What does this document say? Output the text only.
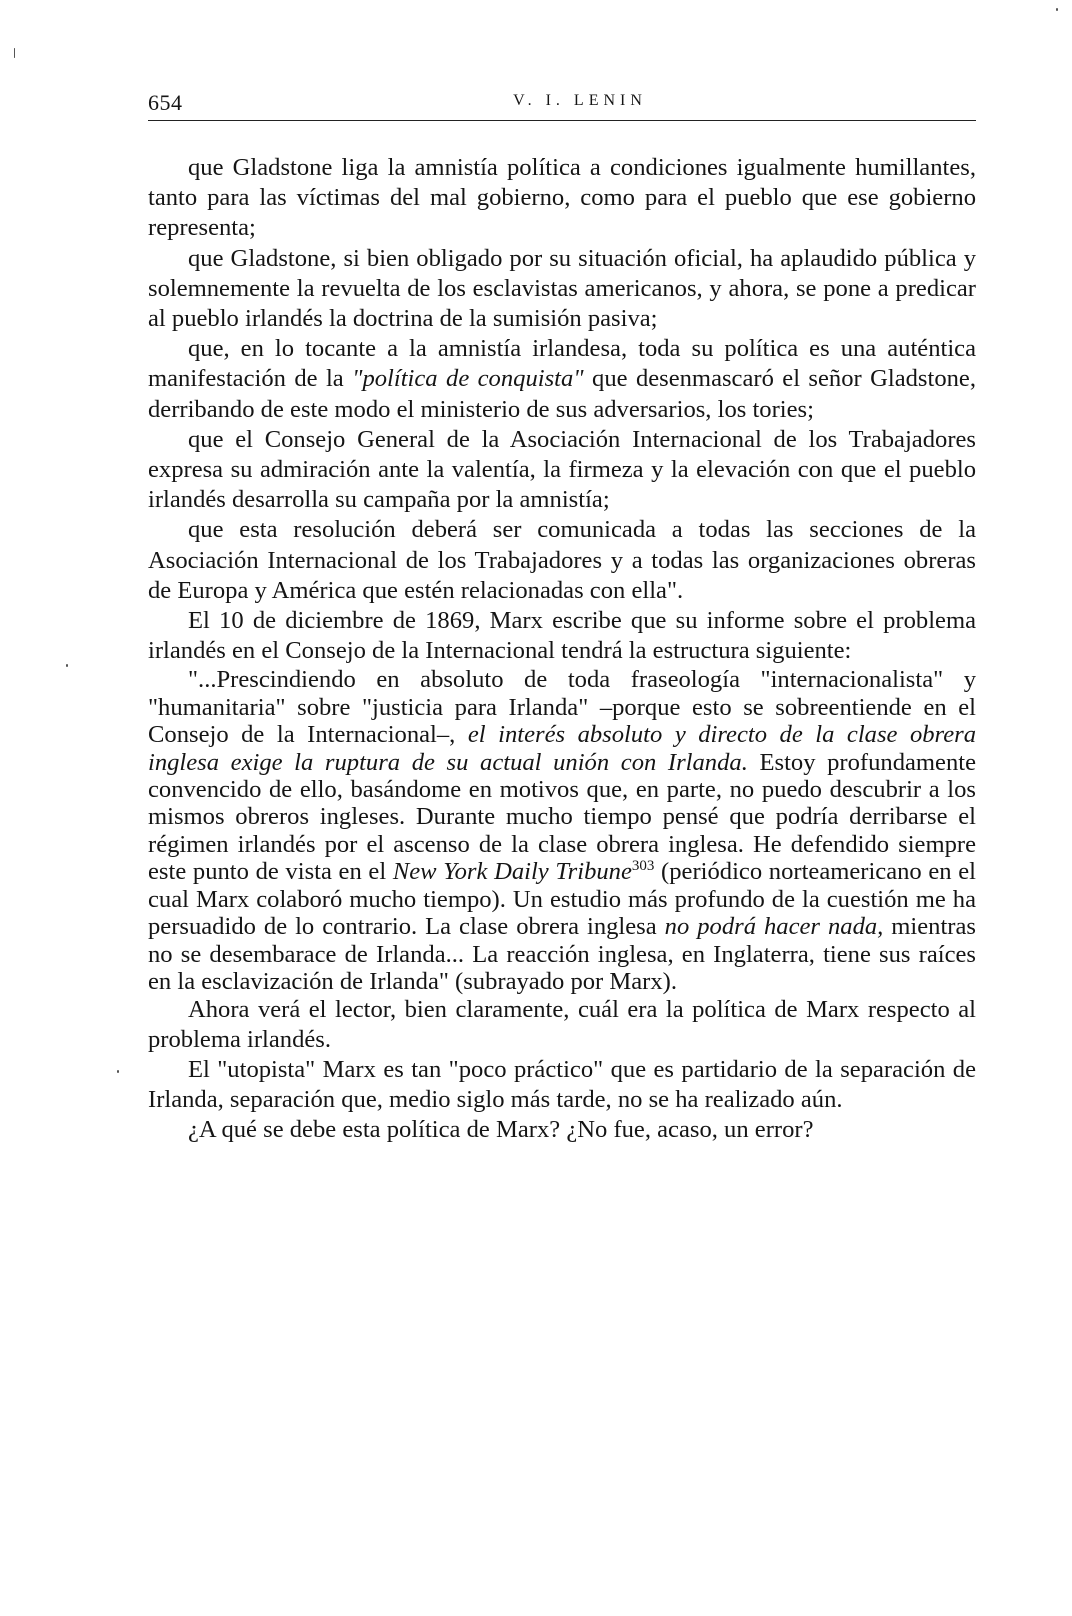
654	V. I. LENIN

que Gladstone liga la amnistía política a condiciones igualmente humillantes, tanto para las víctimas del mal gobierno, como para el pueblo que ese gobierno representa;

que Gladstone, si bien obligado por su situación oficial, ha aplaudido pública y solemnemente la revuelta de los esclavistas americanos, y ahora, se pone a predicar al pueblo irlandés la doctrina de la sumisión pasiva;

que, en lo tocante a la amnistía irlandesa, toda su política es una auténtica manifestación de la "política de conquista" que desenmascaró el señor Gladstone, derribando de este modo el ministerio de sus adversarios, los tories;

que el Consejo General de la Asociación Internacional de los Trabajadores expresa su admiración ante la valentía, la firmeza y la elevación con que el pueblo irlandés desarrolla su campaña por la amnistía;

que esta resolución deberá ser comunicada a todas las secciones de la Asociación Internacional de los Trabajadores y a todas las organizaciones obreras de Europa y América que estén relacionadas con ella".

El 10 de diciembre de 1869, Marx escribe que su informe sobre el problema irlandés en el Consejo de la Internacional tendrá la estructura siguiente:

"...Prescindiendo en absoluto de toda fraseología "internacionalista" y "humanitaria" sobre "justicia para Irlanda" –porque esto se sobreentiende en el Consejo de la Internacional–, el interés absoluto y directo de la clase obrera inglesa exige la ruptura de su actual unión con Irlanda. Estoy profundamente convencido de ello, basándome en motivos que, en parte, no puedo descubrir a los mismos obreros ingleses. Durante mucho tiempo pensé que podría derribarse el régimen irlandés por el ascenso de la clase obrera inglesa. He defendido siempre este punto de vista en el New York Daily Tribune$^{303}$ (periódico norteamericano en el cual Marx colaboró mucho tiempo). Un estudio más profundo de la cuestión me ha persuadido de lo contrario. La clase obrera inglesa no podrá hacer nada, mientras no se desembarace de Irlanda... La reacción inglesa, en Inglaterra, tiene sus raíces en la esclavización de Irlanda" (subrayado por Marx).

Ahora verá el lector, bien claramente, cuál era la política de Marx respecto al problema irlandés.

El "utopista" Marx es tan "poco práctico" que es partidario de la separación de Irlanda, separación que, medio siglo más tarde, no se ha realizado aún.

¿A qué se debe esta política de Marx? ¿No fue, acaso, un error?
